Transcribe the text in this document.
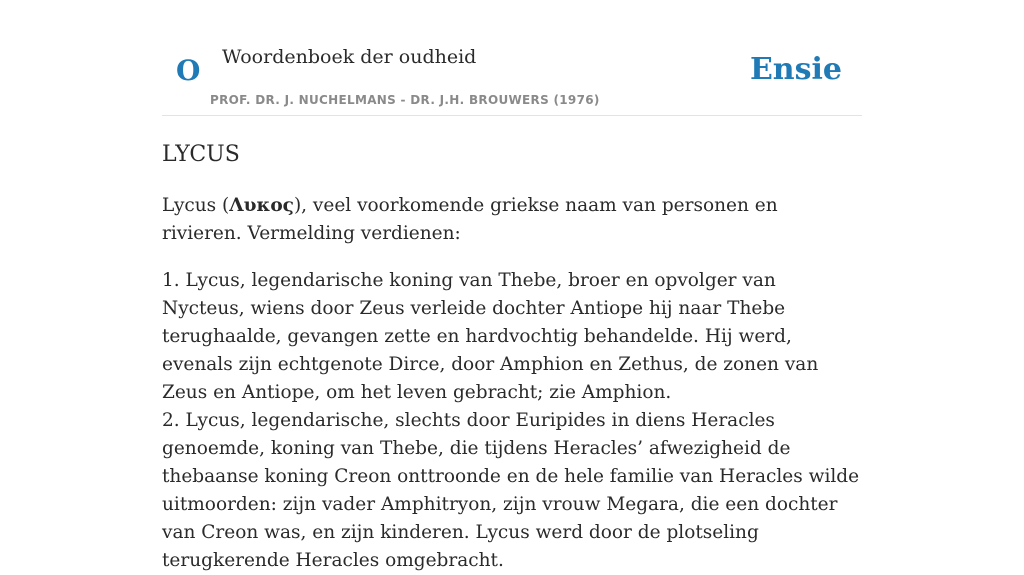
O Woordenboek der oudheid
PROF. DR. J. NUCHELMANS - DR. J.H. BROUWERS (1976)
Ensie
LYCUS

Lycus (Λυκος), veel voorkomende griekse naam van personen en rivieren. Vermelding verdienen:

1. Lycus, legendarische koning van Thebe, broer en opvolger van Nycteus, wiens door Zeus verleide dochter Antiope hij naar Thebe terughaalde, gevangen zette en hardvochtig behandelde. Hij werd, evenals zijn echtgenote Dirce, door Amphion en Zethus, de zonen van Zeus en Antiope, om het leven gebracht; zie Amphion.
2. Lycus, legendarische, slechts door Euripides in diens Heracles genoemde, koning van Thebe, die tijdens Heracles’ afwezigheid de thebaanse koning Creon onttroonde en de hele familie van Heracles wilde uitmoorden: zijn vader Amphitryon, zijn vrouw Megara, die een dochter van Creon was, en zijn kinderen. Lycus werd door de plotseling terugkerende Heracles omgebracht.
